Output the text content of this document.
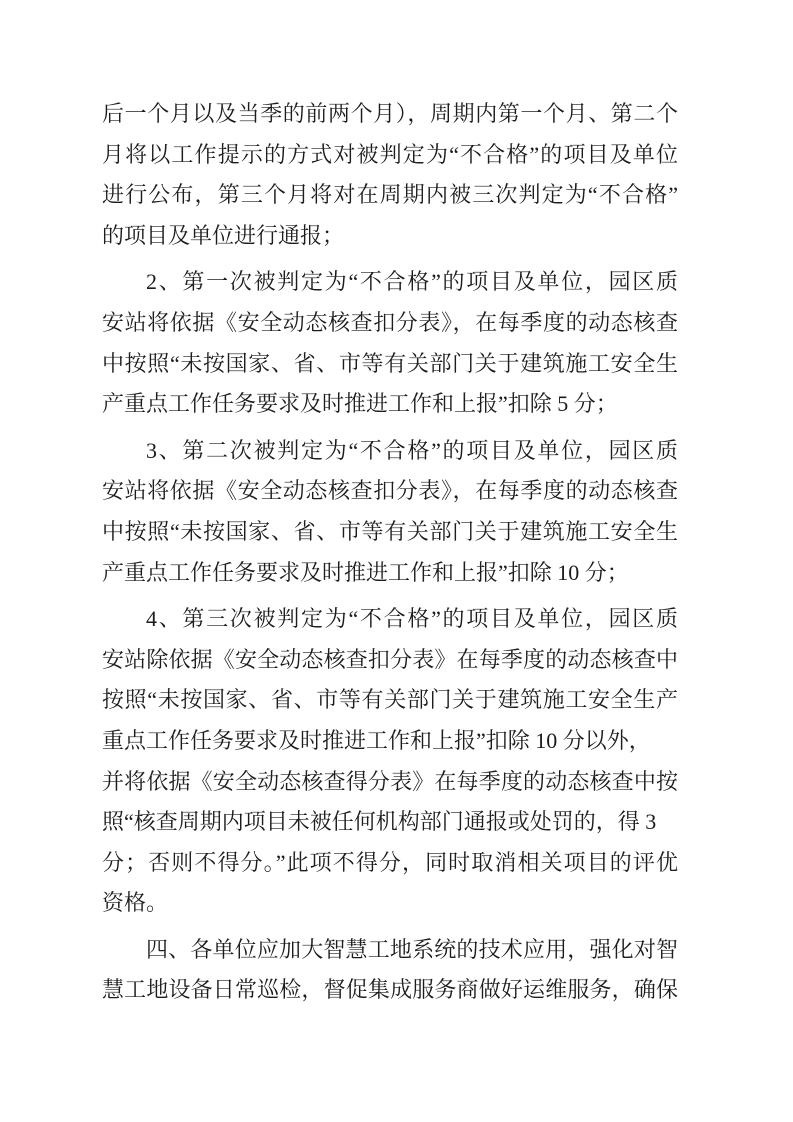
后一个月以及当季的前两个月），周期内第一个月、第二个
月将以工作提示的方式对被判定为“不合格”的项目及单位
进行公布，第三个月将对在周期内被三次判定为“不合格”
的项目及单位进行通报；
2、第一次被判定为“不合格”的项目及单位，园区质
安站将依据《安全动态核查扣分表》，在每季度的动态核查
中按照“未按国家、省、市等有关部门关于建筑施工安全生
产重点工作任务要求及时推进工作和上报”扣除 5 分；
3、第二次被判定为“不合格”的项目及单位，园区质
安站将依据《安全动态核查扣分表》，在每季度的动态核查
中按照“未按国家、省、市等有关部门关于建筑施工安全生
产重点工作任务要求及时推进工作和上报”扣除 10 分；
4、第三次被判定为“不合格”的项目及单位，园区质
安站除依据《安全动态核查扣分表》在每季度的动态核查中
按照“未按国家、省、市等有关部门关于建筑施工安全生产
重点工作任务要求及时推进工作和上报”扣除 10 分以外，
并将依据《安全动态核查得分表》在每季度的动态核查中按
照“核查周期内项目未被任何机构部门通报或处罚的，得 3
分；否则不得分。”此项不得分，同时取消相关项目的评优
资格。
四、各单位应加大智慧工地系统的技术应用，强化对智
慧工地设备日常巡检，督促集成服务商做好运维服务，确保
